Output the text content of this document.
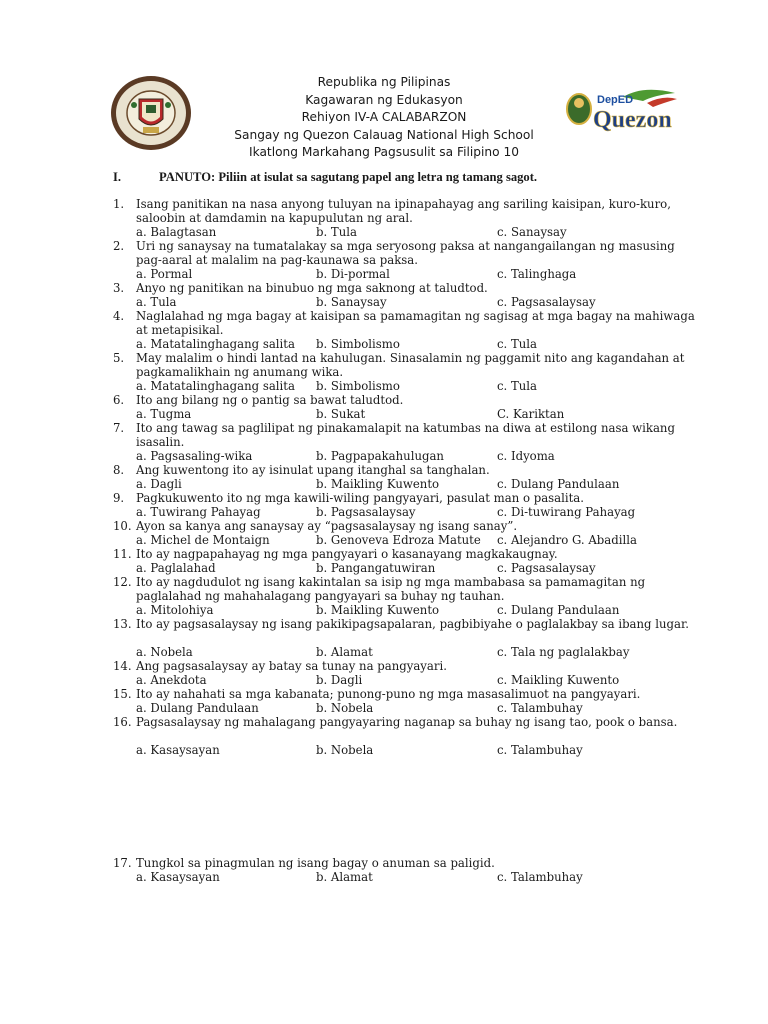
DepED
Quezon
Republika ng Pilipinas
Kagawaran ng Edukasyon
Rehiyon IV-A CALABARZON
Sangay ng Quezon Calauag National High School
Ikatlong Markahang Pagsusulit sa Filipino 10
I.	PANUTO: Piliin at isulat sa sagutang papel ang letra ng tamang sagot.
1.	Isang panitikan na nasa anyong tuluyan na ipinapahayag ang sariling kaisipan, kuro-kuro, saloobin at damdamin na kapupulutan ng aral.
a. Balagtasan	b. Tula	c. Sanaysay
2.	Uri ng sanaysay na tumatalakay sa mga seryosong paksa at nangangailangan ng masusing pag-aaral at malalim na pag-kaunawa sa paksa.
a. Pormal	b. Di-pormal	c. Talinghaga
3.	Anyo ng panitikan na binubuo ng mga saknong at taludtod.
a. Tula	b. Sanaysay	c. Pagsasalaysay
4.	Naglalahad ng mga bagay at kaisipan sa pamamagitan ng sagisag at mga bagay na mahiwaga at metapisikal.
a. Matatalinghagang salita b. Simbolismo	c. Tula
5.	May malalim o hindi lantad na kahulugan. Sinasalamin ng paggamit nito ang kagandahan at pagkamalikhain ng anumang wika.
a. Matatalinghagang salita b. Simbolismo	c. Tula
6.	Ito ang bilang ng o pantig sa bawat taludtod.
a. Tugma	b. Sukat	C. Kariktan
7.	Ito ang tawag sa paglilipat ng pinakamalapit na katumbas na diwa at estilong nasa wikang isasalin.
a. Pagsasaling-wika	b. Pagpapakahulugan	c. Idyoma
8.	Ang kuwentong ito ay isinulat upang itanghal sa tanghalan.
a. Dagli	b. Maikling Kuwento	c. Dulang Pandulaan
9.	Pagkukuwento ito ng mga kawili-wiling pangyayari, pasulat man o pasalita.
a. Tuwirang Pahayag	b. Pagsasalaysay	c. Di-tuwirang Pahayag
10. Ayon sa kanya ang sanaysay ay “pagsasalaysay ng isang sanay”.
a. Michel de Montaign	b. Genoveva Edroza Matute c. Alejandro G. Abadilla
11. Ito ay nagpapahayag ng mga pangyayari o kasanayang magkakaugnay.
a. Paglalahad	b. Pangangatuwiran	c. Pagsasalaysay
12. Ito ay nagdudulot ng isang kakintalan sa isip ng mga mambabasa sa pamamagitan ng paglalahad ng mahahalagang pangyayari sa buhay ng tauhan.
a. Mitolohiya	b. Maikling Kuwento	c. Dulang Pandulaan
13. Ito ay pagsasalaysay ng isang pakikipagsapalaran, pagbibiyahe o paglalakbay sa ibang lugar.
a. Nobela	b. Alamat	c. Tala ng paglalakbay
14. Ang pagsasalaysay ay batay sa tunay na pangyayari.
a. Anekdota	b. Dagli	c. Maikling Kuwento
15. Ito ay nahahati sa mga kabanata; punong-puno ng mga masasalimuot na pangyayari.
a. Dulang Pandulaan	b. Nobela	c. Talambuhay
16. Pagsasalaysay ng mahalagang pangyayaring naganap sa buhay ng isang tao, pook o bansa.
a. Kasaysayan	b. Nobela	c. Talambuhay
17. Tungkol sa pinagmulan ng isang bagay o anuman sa paligid.
a. Kasaysayan	b. Alamat	c. Talambuhay
